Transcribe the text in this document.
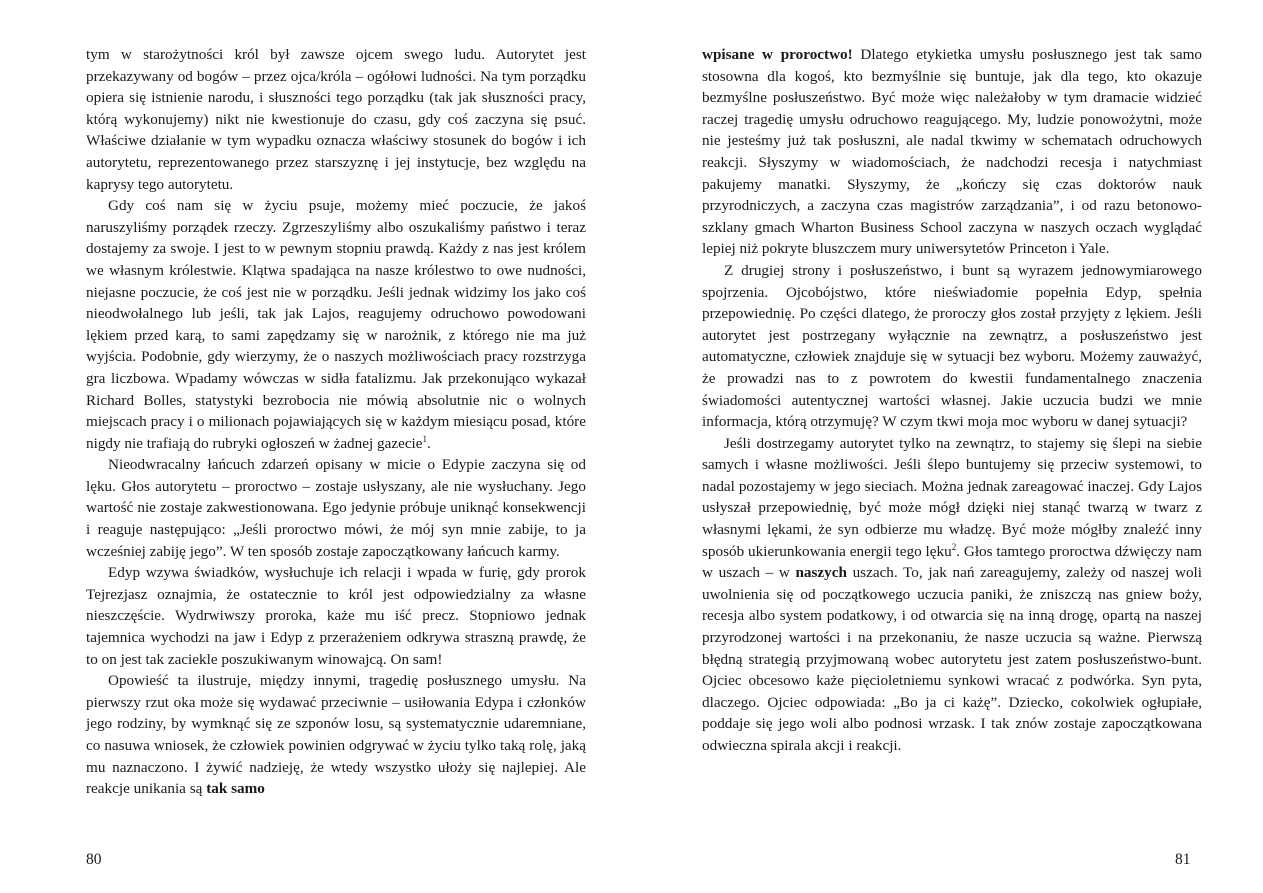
tym w starożytności król był zawsze ojcem swego ludu. Autorytet jest przekazywany od bogów – przez ojca/króla – ogółowi ludności. Na tym porządku opiera się istnienie narodu, i słuszności tego porządku (tak jak słuszności pracy, którą wykonujemy) nikt nie kwestionuje do czasu, gdy coś zaczyna się psuć. Właściwe działanie w tym wypadku oznacza właściwy stosunek do bogów i ich autorytetu, reprezentowanego przez starszyznę i jej instytucje, bez względu na kaprysy tego autorytetu.

Gdy coś nam się w życiu psuje, możemy mieć poczucie, że jakoś naruszyliśmy porządek rzeczy. Zgrzeszyliśmy albo oszukaliśmy państwo i teraz dostajemy za swoje. I jest to w pewnym stopniu prawdą. Każdy z nas jest królem we własnym królestwie. Klątwa spadająca na nasze królestwo to owe nudności, niejasne poczucie, że coś jest nie w porządku. Jeśli jednak widzimy los jako coś nieodwołalnego lub jeśli, tak jak Lajos, reagujemy odruchowo powodowani lękiem przed karą, to sami zapędzamy się w narożnik, z którego nie ma już wyjścia. Podobnie, gdy wierzymy, że o naszych możliwościach pracy rozstrzyga gra liczbowa. Wpadamy wówczas w sidła fatalizmu. Jak przekonująco wykazał Richard Bolles, statystyki bezrobocia nie mówią absolutnie nic o wolnych miejscach pracy i o milionach pojawiających się w każdym miesiącu posad, które nigdy nie trafiają do rubryki ogłoszeń w żadnej gazecie$^1$.

Nieodwracalny łańcuch zdarzeń opisany w micie o Edypie zaczyna się od lęku. Głos autorytetu – proroctwo – zostaje usłyszany, ale nie wysłuchany. Jego wartość nie zostaje zakwestionowana. Ego jedynie próbuje uniknąć konsekwencji i reaguje następująco: „Jeśli proroctwo mówi, że mój syn mnie zabije, to ja wcześniej zabiję jego”. W ten sposób zostaje zapoczątkowany łańcuch karmy.

Edyp wzywa świadków, wysłuchuje ich relacji i wpada w furię, gdy prorok Tejrezjasz oznajmia, że ostatecznie to król jest odpowiedzialny za własne nieszczęście. Wydrwiwszy proroka, każe mu iść precz. Stopniowo jednak tajemnica wychodzi na jaw i Edyp z przerażeniem odkrywa straszną prawdę, że to on jest tak zaciekle poszukiwanym winowajcą. On sam!

Opowieść ta ilustruje, między innymi, tragedię posłusznego umysłu. Na pierwszy rzut oka może się wydawać przeciwnie – usiłowania Edypa i członków jego rodziny, by wymknąć się ze szponów losu, są systematycznie udaremniane, co nasuwa wniosek, że człowiek powinien odgrywać w życiu tylko taką rolę, jaką mu naznaczono. I żywić nadzieję, że wtedy wszystko ułoży się najlepiej. Ale reakcje unikania są tak samo

wpisane w proroctwo! Dlatego etykietka umysłu posłusznego jest tak samo stosowna dla kogoś, kto bezmyślnie się buntuje, jak dla tego, kto okazuje bezmyślne posłuszeństwo. Być może więc należałoby w tym dramacie widzieć raczej tragedię umysłu odruchowo reagującego. My, ludzie ponowożytni, może nie jesteśmy już tak posłuszni, ale nadal tkwimy w schematach odruchowych reakcji. Słyszymy w wiadomościach, że nadchodzi recesja i natychmiast pakujemy manatki. Słyszymy, że „kończy się czas doktorów nauk przyrodniczych, a zaczyna czas magistrów zarządzania”, i od razu betonowo-szklany gmach Wharton Business School zaczyna w naszych oczach wyglądać lepiej niż pokryte bluszczem mury uniwersytetów Princeton i Yale.

Z drugiej strony i posłuszeństwo, i bunt są wyrazem jednowymiarowego spojrzenia. Ojcobójstwo, które nieświadomie popełnia Edyp, spełnia przepowiednię. Po części dlatego, że proroczy głos został przyjęty z lękiem. Jeśli autorytet jest postrzegany wyłącznie na zewnątrz, a posłuszeństwo jest automatyczne, człowiek znajduje się w sytuacji bez wyboru. Możemy zauważyć, że prowadzi nas to z powrotem do kwestii fundamentalnego znaczenia świadomości autentycznej wartości własnej. Jakie uczucia budzi we mnie informacja, którą otrzymuję? W czym tkwi moja moc wyboru w danej sytuacji?

Jeśli dostrzegamy autorytet tylko na zewnątrz, to stajemy się ślepi na siebie samych i własne możliwości. Jeśli ślepo buntujemy się przeciw systemowi, to nadal pozostajemy w jego sieciach. Można jednak zareagować inaczej. Gdy Lajos usłyszał przepowiednię, być może mógł dzięki niej stanąć twarzą w twarz z własnymi lękami, że syn odbierze mu władzę. Być może mógłby znaleźć inny sposób ukierunkowania energii tego lęku$^2$. Głos tamtego proroctwa dźwięczy nam w uszach – w naszych uszach. To, jak nań zareagujemy, zależy od naszej woli uwolnienia się od początkowego uczucia paniki, że zniszczą nas gniew boży, recesja albo system podatkowy, i od otwarcia się na inną drogę, opartą na naszej przyrodzonej wartości i na przekonaniu, że nasze uczucia są ważne. Pierwszą błędną strategią przyjmowaną wobec autorytetu jest zatem posłuszeństwo-bunt. Ojciec obcesowo każe pięcioletniemu synkowi wracać z podwórka. Syn pyta, dlaczego. Ojciec odpowiada: „Bo ja ci każę”. Dziecko, cokolwiek ogłupiałe, poddaje się jego woli albo podnosi wrzask. I tak znów zostaje zapoczątkowana odwieczna spirala akcji i reakcji.

80	81
